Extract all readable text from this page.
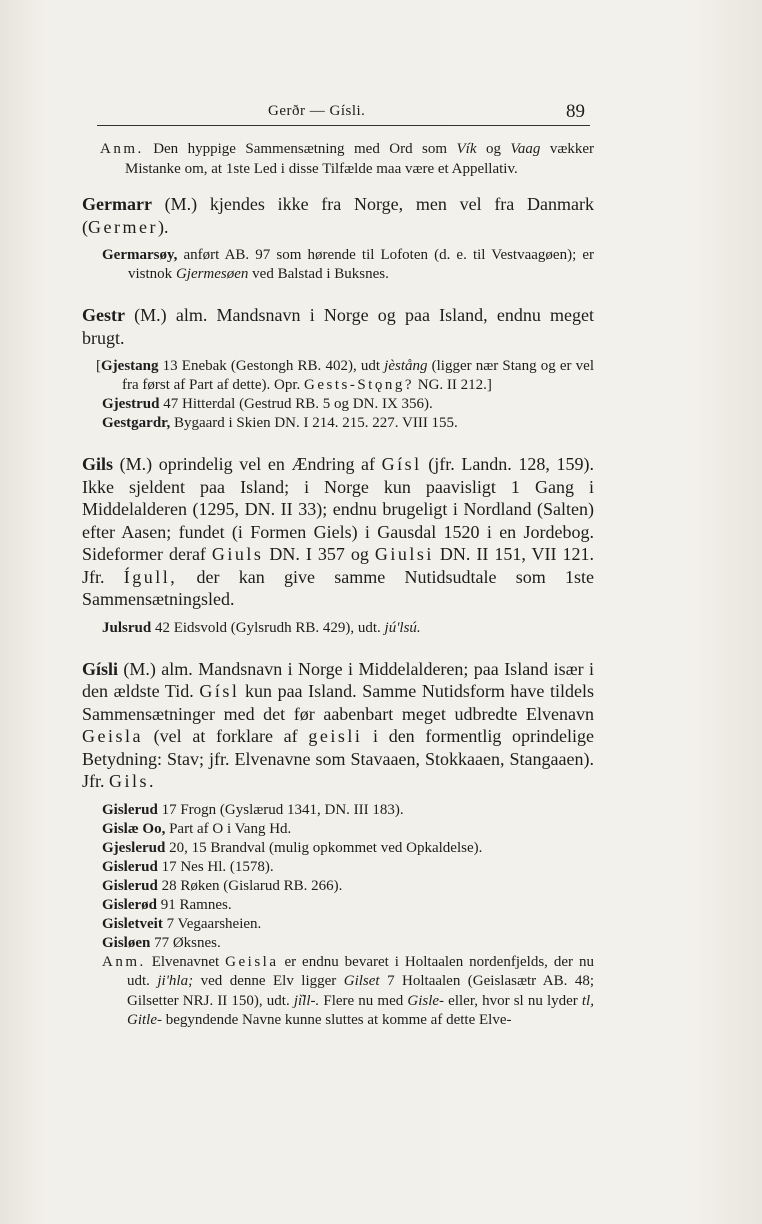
Gerðr — Gísli.	89
Anm. Den hyppige Sammensætning med Ord som Vík og Vaag vækker Mistanke om, at 1ste Led i disse Tilfælde maa være et Appellativ.
Germarr (M.) kjendes ikke fra Norge, men vel fra Danmark (Germer).
Germarsøy, anført AB. 97 som hørende til Lofoten (d. e. til Vestvaagøen); er vistnok Gjermesøen ved Balstad i Buksnes.
Gestr (M.) alm. Mandsnavn i Norge og paa Island, endnu meget brugt.
[Gjestang 13 Enebak (Gestongh RB. 402), udt jèstång (ligger nær Stang og er vel fra først af Part af dette). Opr. Gests-Stǫng? NG. II 212.]
Gjestrud 47 Hitterdal (Gestrud RB. 5 og DN. IX 356).
Gestgardr, Bygaard i Skien DN. I 214. 215. 227. VIII 155.
Gils (M.) oprindelig vel en Ændring af Gísl (jfr. Landn. 128, 159). Ikke sjeldent paa Island; i Norge kun paavisligt 1 Gang i Middelalderen (1295, DN. II 33); endnu brugeligt i Nordland (Salten) efter Aasen; fundet (i Formen Giels) i Gausdal 1520 i en Jordebog. Sideformer deraf Giuls DN. I 357 og Giulsi DN. II 151, VII 121. Jfr. Ígull, der kan give samme Nutidsudtale som 1ste Sammensætningsled.
Julsrud 42 Eidsvold (Gylsrudh RB. 429), udt. jú'lsú.
Gísli (M.) alm. Mandsnavn i Norge i Middelalderen; paa Island især i den ældste Tid. Gísl kun paa Island. Samme Nutidsform have tildels Sammensætninger med det før aabenbart meget udbredte Elvenavn Geisla (vel at forklare af geisli i den formentlig oprindelige Betydning: Stav; jfr. Elvenavne som Stavaaen, Stokkaaen, Stangaaen). Jfr. Gils.
Gislerud 17 Frogn (Gyslærud 1341, DN. III 183).
Gislæ Oo, Part af O i Vang Hd.
Gjeslerud 20, 15 Brandval (mulig opkommet ved Opkaldelse).
Gislerud 17 Nes Hl. (1578).
Gislerud 28 Røken (Gislarud RB. 266).
Gislerød 91 Ramnes.
Gisletveit 7 Vegaarsheien.
Gisløen 77 Øksnes.
Anm. Elvenavnet Geisla er endnu bevaret i Holtaalen nordenfjelds, der nu udt. ji'hla; ved denne Elv ligger Gilset 7 Holtaalen (Geislasætr AB. 48; Gilsetter NRJ. II 150), udt. jı̏ll-. Flere nu med Gisle- eller, hvor sl nu lyder tl, Gitle- begyndende Navne kunne sluttes at komme af dette Elve-
